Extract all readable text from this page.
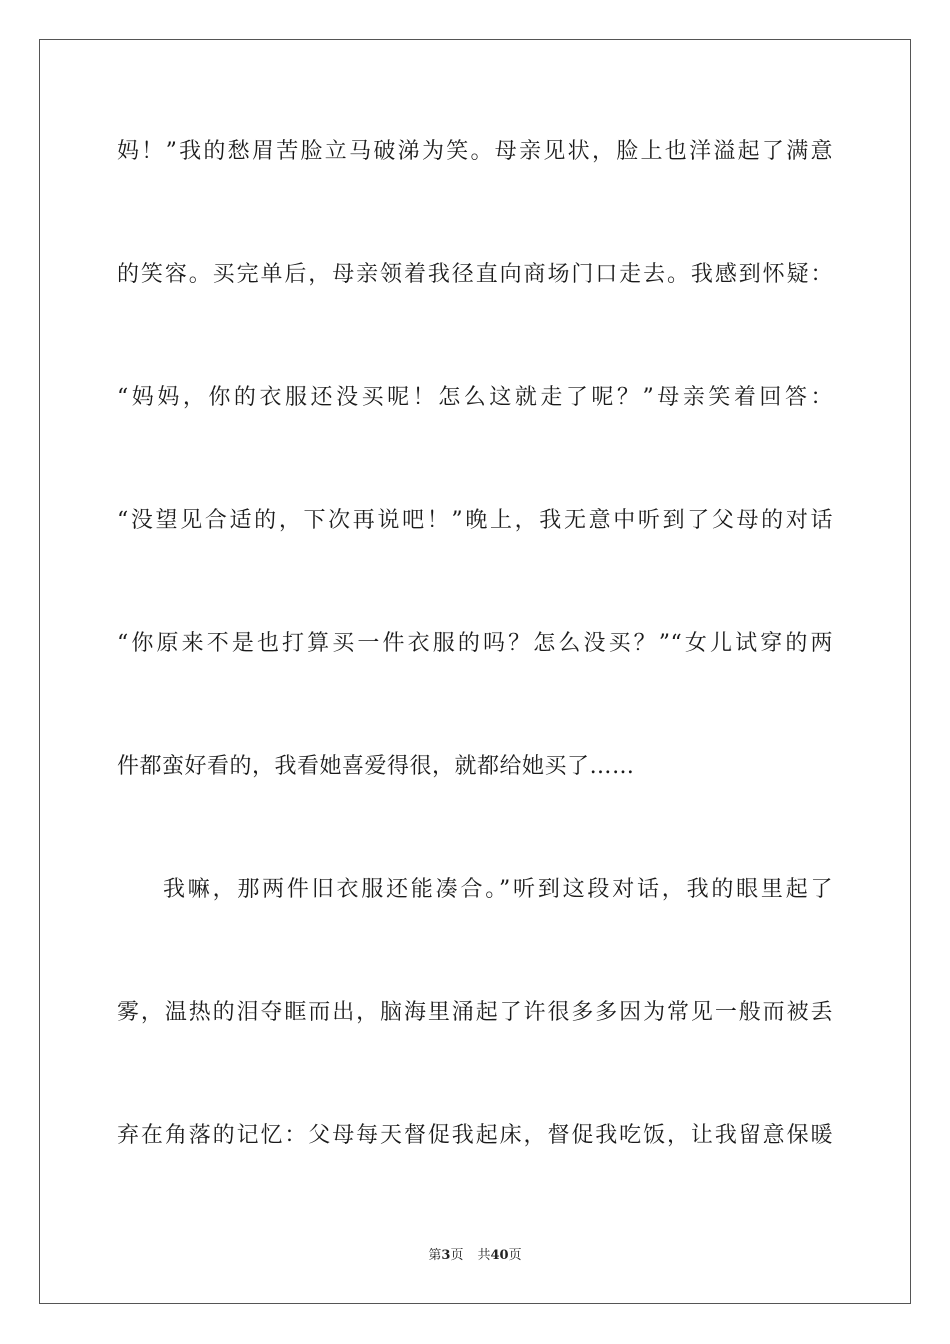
妈！”我的愁眉苦脸立马破涕为笑。母亲见状，脸上也洋溢起了满意
的笑容。买完单后，母亲领着我径直向商场门口走去。我感到怀疑：
“妈妈，你的衣服还没买呢！怎么这就走了呢？”母亲笑着回答：
“没望见合适的，下次再说吧！”晚上，我无意中听到了父母的对话
“你原来不是也打算买一件衣服的吗？怎么没买？”“女儿试穿的两
件都蛮好看的，我看她喜爱得很，就都给她买了……
我嘛，那两件旧衣服还能凑合。”听到这段对话，我的眼里起了
雾，温热的泪夺眶而出，脑海里涌起了许很多多因为常见一般而被丢
弃在角落的记忆：父母每天督促我起床，督促我吃饭，让我留意保暖
第3页 共40页
